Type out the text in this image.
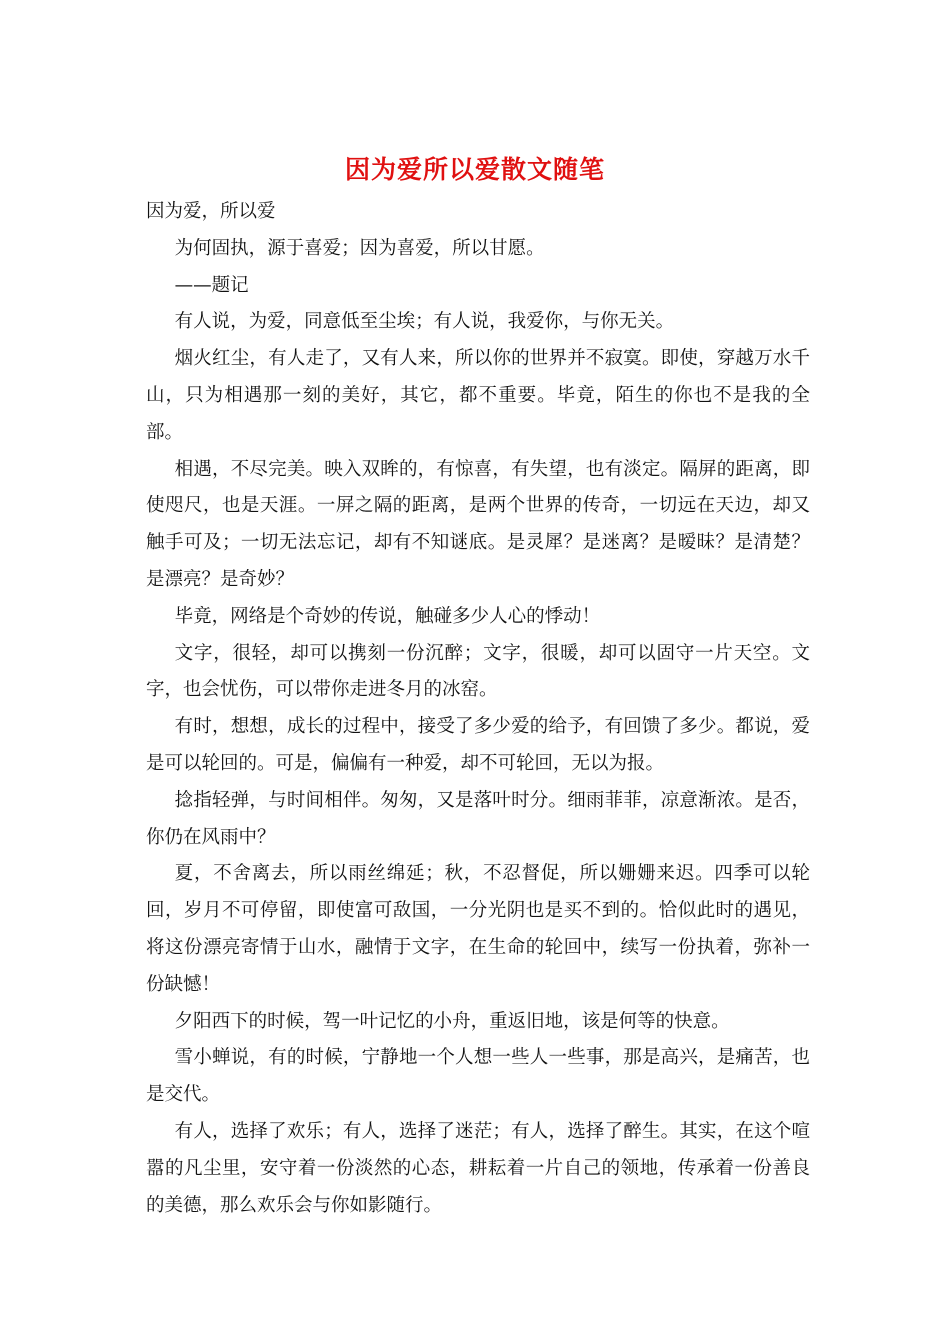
因为爱所以爱散文随笔

因为爱，所以爱

为何固执，源于喜爱；因为喜爱，所以甘愿。

——题记

有人说，为爱，同意低至尘埃；有人说，我爱你，与你无关。

烟火红尘，有人走了，又有人来，所以你的世界并不寂寞。即使，穿越万水千山，只为相遇那一刻的美好，其它，都不重要。毕竟，陌生的你也不是我的全部。

相遇，不尽完美。映入双眸的，有惊喜，有失望，也有淡定。隔屏的距离，即使咫尺，也是天涯。一屏之隔的距离，是两个世界的传奇，一切远在天边，却又触手可及；一切无法忘记，却有不知谜底。是灵犀？是迷离？是暧昧？是清楚？是漂亮？是奇妙？

毕竟，网络是个奇妙的传说，触碰多少人心的悸动！

文字，很轻，却可以携刻一份沉醉；文字，很暖，却可以固守一片天空。文字，也会忧伤，可以带你走进冬月的冰窑。

有时，想想，成长的过程中，接受了多少爱的给予，有回馈了多少。都说，爱是可以轮回的。可是，偏偏有一种爱，却不可轮回，无以为报。

捻指轻弹，与时间相伴。匆匆，又是落叶时分。细雨菲菲，凉意渐浓。是否，你仍在风雨中？

夏，不舍离去，所以雨丝绵延；秋，不忍督促，所以姗姗来迟。四季可以轮回，岁月不可停留，即使富可敌国，一分光阴也是买不到的。恰似此时的遇见，将这份漂亮寄情于山水，融情于文字，在生命的轮回中，续写一份执着，弥补一份缺憾！

夕阳西下的时候，驾一叶记忆的小舟，重返旧地，该是何等的快意。

雪小蝉说，有的时候，宁静地一个人想一些人一些事，那是高兴，是痛苦，也是交代。

有人，选择了欢乐；有人，选择了迷茫；有人，选择了醉生。其实，在这个喧嚣的凡尘里，安守着一份淡然的心态，耕耘着一片自己的领地，传承着一份善良的美德，那么欢乐会与你如影随行。
